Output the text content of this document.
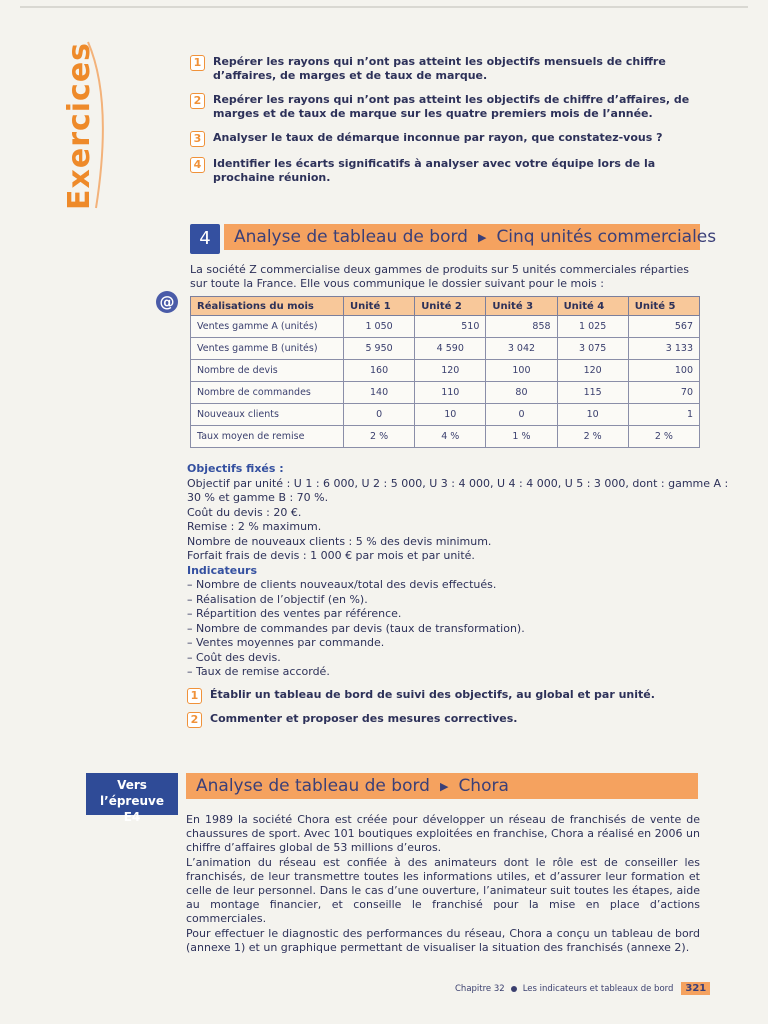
Exercices	1	Repérer les rayons qui n’ont pas atteint les objectifs mensuels de chiffre d’affaires, de marges et de taux de marque.
2	Repérer les rayons qui n’ont pas atteint les objectifs de chiffre d’affaires, de marges et de taux de marque sur les quatre premiers mois de l’année.
3	Analyser le taux de démarque inconnue par rayon, que constatez-vous ?
4	Identifier les écarts significatifs à analyser avec votre équipe lors de la prochaine réunion.
4	Analyse de tableau de bord ▶ Cinq unités commerciales
La société Z commercialise deux gammes de produits sur 5 unités commerciales réparties sur toute la France. Elle vous communique le dossier suivant pour le mois :
@	Réalisations du mois	Unité 1	Unité 2	Unité 3	Unité 4	Unité 5
Ventes gamme A (unités)	1 050	510	858	1 025	567
Ventes gamme B (unités)	5 950	4 590	3 042	3 075	3 133
Nombre de devis	160	120	100	120	100
Nombre de commandes	140	110	80	115	70
Nouveaux clients	0	10	0	10	1
Taux moyen de remise	2 %	4 %	1 %	2 %	2 %
Objectifs fixés :
Objectif par unité : U 1 : 6 000, U 2 : 5 000, U 3 : 4 000, U 4 : 4 000, U 5 : 3 000, dont : gamme A :
30 % et gamme B : 70 %.
Coût du devis : 20 €.
Remise : 2 % maximum.
Nombre de nouveaux clients : 5 % des devis minimum.
Forfait frais de devis : 1 000 € par mois et par unité.
Indicateurs
– Nombre de clients nouveaux/total des devis effectués.
– Réalisation de l’objectif (en %).
– Répartition des ventes par référence.
– Nombre de commandes par devis (taux de transformation).
– Ventes moyennes par commande.
– Coût des devis.
– Taux de remise accordé.
1	Établir un tableau de bord de suivi des objectifs, au global et par unité.
2	Commenter et proposer des mesures correctives.
Vers l’épreuve
E4
Analyse de tableau de bord ▶ Chora

En 1989 la société Chora est créée pour développer un réseau de franchisés de vente de chaussures de sport. Avec 101 boutiques exploitées en franchise, Chora a réalisé en 2006 un chiffre d’affaires global de 53 millions d’euros.

L’animation du réseau est confiée à des animateurs dont le rôle est de conseiller les franchisés, de leur transmettre toutes les informations utiles, et d’assurer leur formation et celle de leur personnel. Dans le cas d’une ouverture, l’animateur suit toutes les étapes, aide au montage financier, et conseille le franchisé pour la mise en place d’actions commerciales.

Pour effectuer le diagnostic des performances du réseau, Chora a conçu un tableau de bord (annexe 1) et un graphique permettant de visualiser la situation des franchisés (annexe 2).

Chapitre 32 Les indicateurs et tableaux de bord	321
